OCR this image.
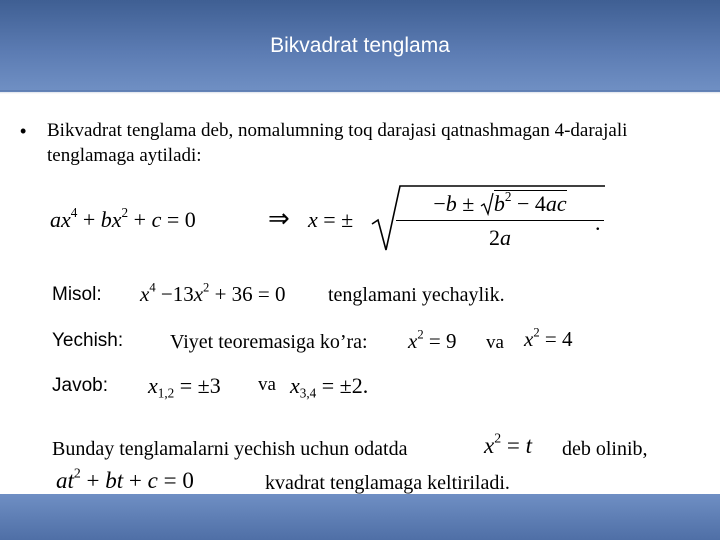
Bikvadrat tenglama
• Bikvadrat tenglama deb, nomalumning toq darajasi qatnashmagan 4-darajali tenglamaga aytiladi:
$ax^4 + bx^2 + c = 0$	⇒ x = ± $\frac{-b \pm b^2 - 4ac}{2a}$
.
Misol: $x^4 -13x^2 + 36 = 0$ tenglamani yechaylik.
Yechish: Viyet teoremasiga ko’ra: $x^2 = 9$ va $x^2 = 4$
Javob: $x_{1,2} = \pm 3$ va $x_{3,4} = \pm 2$.
Bunday tenglamalarni yechish uchun odatda	$x^2 = t$ deb olinib,
$at^2$ + bt + c = 0	kvadrat tenglamaga keltiriladi.
